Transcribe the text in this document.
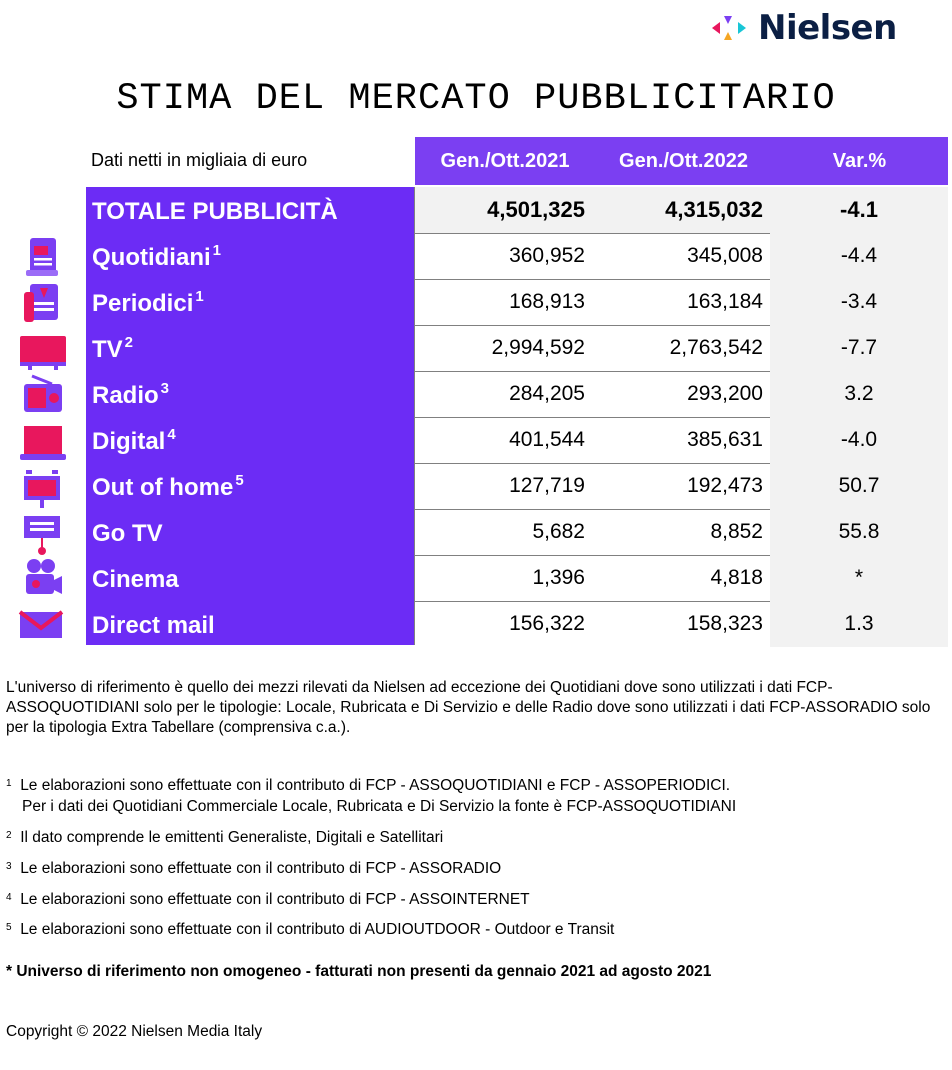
Nielsen
STIMA DEL MERCATO PUBBLICITARIO
Dati netti in migliaia di euro	Gen./Ott.2021	Gen./Ott.2022	Var.%
TOTALE PUBBLICITÀ	4,501,325	4,315,032	-4.1
Quotidiani $^1$	360,952	345,008	-4.4
Periodici $^1$	168,913	163,184	-3.4
TV $^2$	2,994,592	2,763,542	-7.7
Radio $^3$	284,205	293,200	3.2
Digital $^4$	401,544	385,631	-4.0
Out of home $^5$	127,719	192,473	50.7
Go TV	5,682	8,852	55.8
Cinema	1,396	4,818	*
Direct mail	156,322	158,323	1.3
L'universo di riferimento è quello dei mezzi rilevati da Nielsen ad eccezione dei Quotidiani dove sono utilizzati i dati FCP-ASSOQUOTIDIANI solo per le tipologie: Locale, Rubricata e Di Servizio e delle Radio dove sono utilizzati i dati FCP-ASSORADIO solo per la tipologia Extra Tabellare (comprensiva c.a.).
$^1$ Le elaborazioni sono effettuate con il contributo di FCP - ASSOQUOTIDIANI e FCP - ASSOPERIODICI.
Per i dati dei Quotidiani Commerciale Locale, Rubricata e Di Servizio la fonte è FCP-ASSOQUOTIDIANI
$^2$ Il dato comprende le emittenti Generaliste, Digitali e Satellitari
$^3$ Le elaborazioni sono effettuate con il contributo di FCP - ASSORADIO
$^4$ Le elaborazioni sono effettuate con il contributo di FCP - ASSOINTERNET
$^5$ Le elaborazioni sono effettuate con il contributo di AUDIOUTDOOR - Outdoor e Transit
* Universo di riferimento non omogeneo - fatturati non presenti da gennaio 2021 ad agosto 2021
Copyright © 2022 Nielsen Media Italy
